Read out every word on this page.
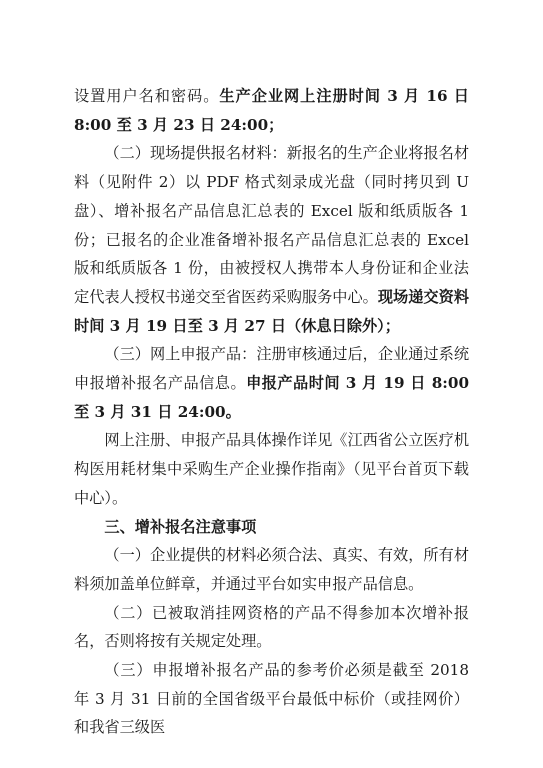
设置用户名和密码。生产企业网上注册时间 3 月 16 日 8:00 至 3 月 23 日 24:00；

（二）现场提供报名材料：新报名的生产企业将报名材料（见附件 2）以 PDF 格式刻录成光盘（同时拷贝到 U 盘）、增补报名产品信息汇总表的 Excel 版和纸质版各 1 份；已报名的企业准备增补报名产品信息汇总表的 Excel 版和纸质版各 1 份，由被授权人携带本人身份证和企业法定代表人授权书递交至省医药采购服务中心。现场递交资料时间 3 月 19 日至 3 月 27 日（休息日除外）；

（三）网上申报产品：注册审核通过后，企业通过系统申报增补报名产品信息。申报产品时间 3 月 19 日 8:00 至 3 月 31 日 24:00。

网上注册、申报产品具体操作详见《江西省公立医疗机构医用耗材集中采购生产企业操作指南》（见平台首页下载中心）。

三、增补报名注意事项

（一）企业提供的材料必须合法、真实、有效，所有材料须加盖单位鲜章，并通过平台如实申报产品信息。

（二）已被取消挂网资格的产品不得参加本次增补报名，否则将按有关规定处理。

（三）申报增补报名产品的参考价必须是截至 2018 年 3 月 31 日前的全国省级平台最低中标价（或挂网价）和我省三级医
